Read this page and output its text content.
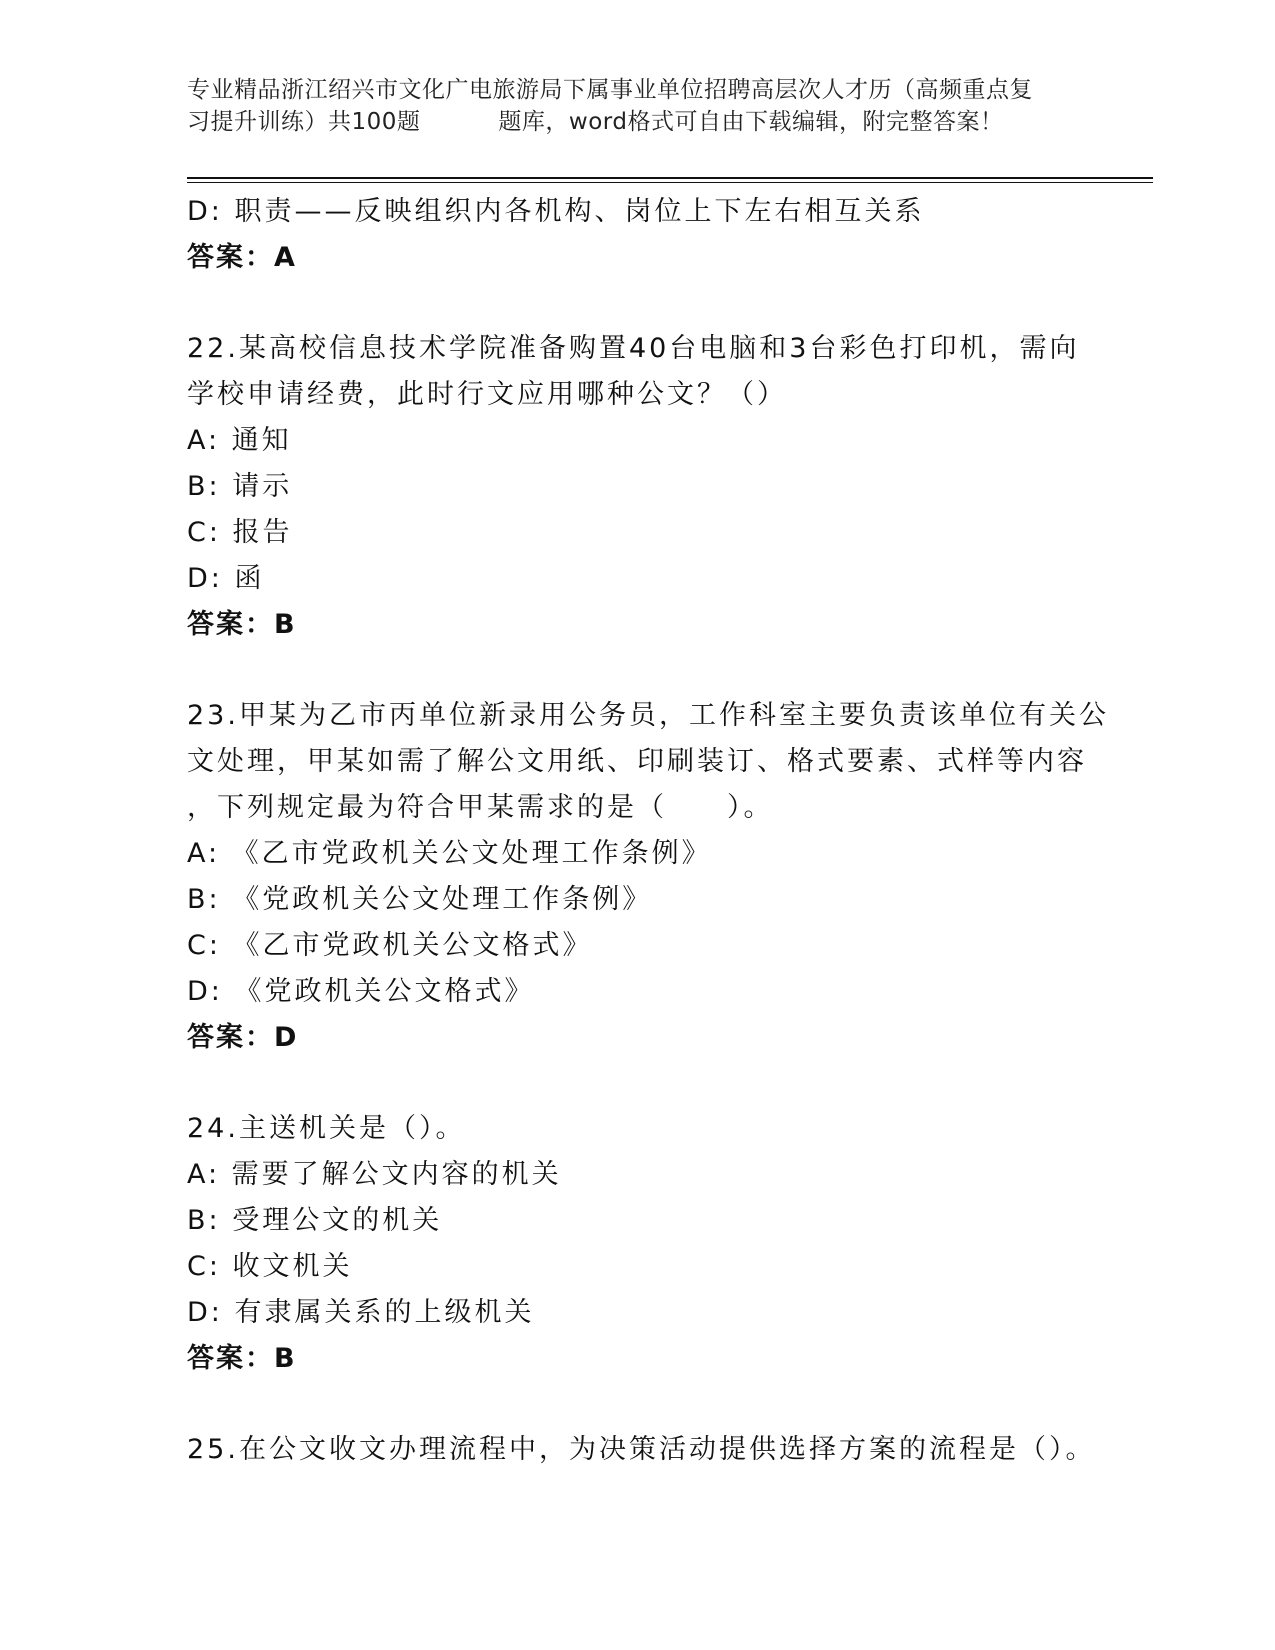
专业精品浙江绍兴市文化广电旅游局下属事业单位招聘高层次人才历（高频重点复
习提升训练）共100题	题库，word格式可自由下载编辑，附完整答案！
D: 职责——反映组织内各机构、岗位上下左右相互关系
答案：A
22.某高校信息技术学院准备购置40台电脑和3台彩色打印机，需向
学校申请经费，此时行文应用哪种公文？（）
A: 通知
B: 请示
C: 报告
D: 函
答案：B
23.甲某为乙市丙单位新录用公务员，工作科室主要负责该单位有关公
文处理，甲某如需了解公文用纸、印刷装订、格式要素、式样等内容
，下列规定最为符合甲某需求的是（　　）。
A: 《乙市党政机关公文处理工作条例》
B: 《党政机关公文处理工作条例》
C: 《乙市党政机关公文格式》
D: 《党政机关公文格式》
答案：D
24.主送机关是（）。
A: 需要了解公文内容的机关
B: 受理公文的机关
C: 收文机关
D: 有隶属关系的上级机关
答案：B
25.在公文收文办理流程中，为决策活动提供选择方案的流程是（）。
